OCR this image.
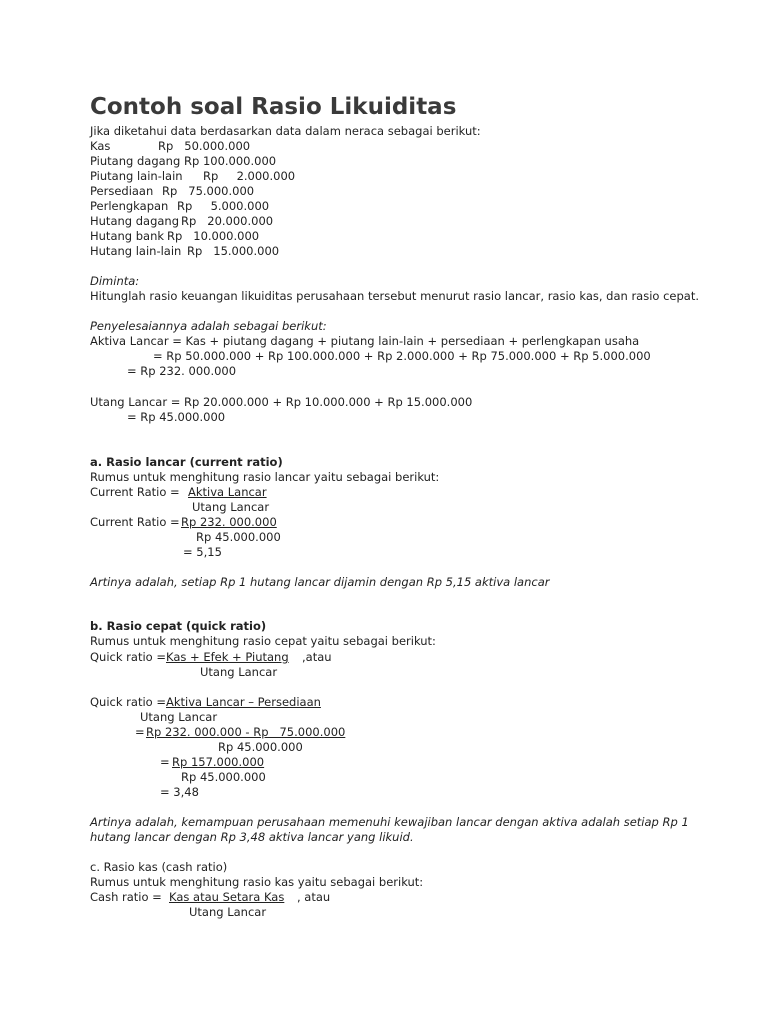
Contoh soal Rasio Likuiditas
Jika diketahui data berdasarkan data dalam neraca sebagai berikut:
Kas	Rp   50.000.000
Piutang dagang Rp 100.000.000
Piutang lain-lain Rp     2.000.000
Persediaan Rp   75.000.000
Perlengkapan Rp     5.000.000
Hutang dagang Rp   20.000.000
Hutang bank Rp   10.000.000
Hutang lain-lain Rp   15.000.000
Diminta:
Hitunglah rasio keuangan likuiditas perusahaan tersebut menurut rasio lancar, rasio kas, dan rasio cepat.
Penyelesaiannya adalah sebagai berikut:
Aktiva Lancar = Kas + piutang dagang + piutang lain-lain + persediaan + perlengkapan usaha
= Rp 50.000.000 + Rp 100.000.000 + Rp 2.000.000 + Rp 75.000.000 + Rp 5.000.000
= Rp 232. 000.000
Utang Lancar = Rp 20.000.000 + Rp 10.000.000 + Rp 15.000.000
= Rp 45.000.000
a. Rasio lancar (current ratio)
Rumus untuk menghitung rasio lancar yaitu sebagai berikut:
Current Ratio = Aktiva Lancar
Utang Lancar
Current Ratio = Rp 232. 000.000
Rp 45.000.000
= 5,15
Artinya adalah, setiap Rp 1 hutang lancar dijamin dengan Rp 5,15 aktiva lancar
b. Rasio cepat (quick ratio)
Rumus untuk menghitung rasio cepat yaitu sebagai berikut:
Quick ratio = Kas + Efek + Piutang ,atau
Utang Lancar
Quick ratio = Aktiva Lancar – Persediaan
Utang Lancar
= Rp 232. 000.000 - Rp   75.000.000
Rp 45.000.000
= Rp 157.000.000
Rp 45.000.000
= 3,48
Artinya adalah, kemampuan perusahaan memenuhi kewajiban lancar dengan aktiva adalah setiap Rp 1
hutang lancar dengan Rp 3,48 aktiva lancar yang likuid.
c. Rasio kas (cash ratio)
Rumus untuk menghitung rasio kas yaitu sebagai berikut:
Cash ratio = Kas atau Setara Kas , atau
Utang Lancar
